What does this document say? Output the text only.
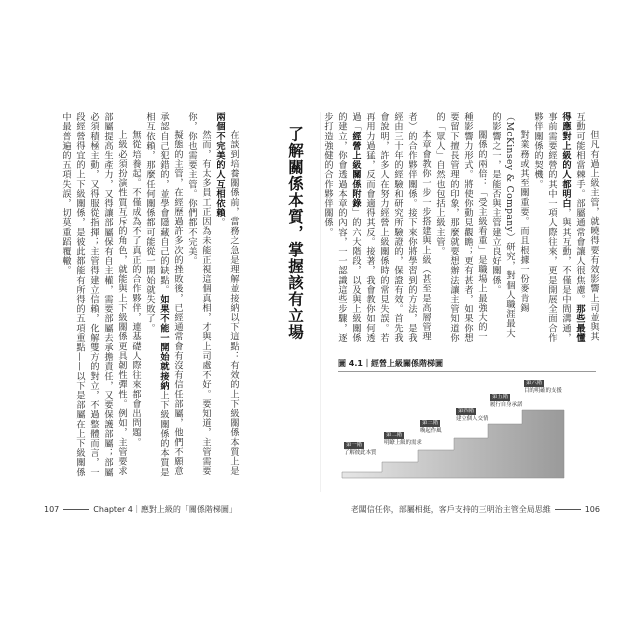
了解關係本質，掌握該有立場

在談到培養關係前，當務之急是理解並接納以下這點：有效的上下級關係本質上是兩個不完美的人互相依賴。

然而，有太多員工正因為未能正視這個真相，才與上司處不好。要知道，主管需要你，你也需要主管。你們都不完美。

擬態的主管，在經歷過許多次的挫敗後，已經通常會有沒有信任部屬，他們不願意承認自己犯錯的，並學會隱藏自己的缺點。如果不能一開始就接納上下級關係的本質是相互依賴，那麼任何關係都可能從一開始就失敗了。

無從培養起。不僅成為不了真正的合作夥伴，連基礎人際往來都會出問題。

上級必須扮演性質互斥的角色，就能與上下級關係更具韌性彈性。例如，主管要求部屬提高生產力，又得讓部屬保有自主權，需要部屬去承擔責任，又要保護部屬；部屬必須積極主動，又得服從指揮；主管得建立信賴，化解雙方的對立，不過整體而言，一段經營得宜的上下級關係，是彼此都能有所得的五項重點——以下是部屬在上下級關係中最普遍的五項失誤，切莫重蹈覆轍。

107	Chapter 4｜應對上級的「關係階梯圖」

但凡有過上級主管，就曉得要有效影響上司並與其互動可能相當棘手。部屬通常會讓人很焦慮。那些最懂得應對上級的人都明白，與其互動，不僅是中間溝通，事前需要經營的其中一項人際往來，更是開展全面合作夥伴關係的契機。

對業務或其至關重要。而且根據一份麥肯錫（McKinsey & Company）研究，對個人職涯最大的影響之一，是能否與主管建立良好關係。

關係的兩倍：「受主級看重」是職場上最強大的一種影響力形式。將使你動見觀瞻；更有甚者，如果你想要留下擅長管理的印象，那麼就要想辦法讓主管知道你的「眾人」自然也包括上級主管。

本章會教你一步一步搭建與上級（甚至是高層管理者）的合作夥伴關係。接下來你將學習到的方法，是我經由三十年的經驗和研究所驗證的，保證有效。首先我會說明，許多人在努力經營上級關係時的常見失誤。若再用力過猛，反而會適得其反。接著，我會教你如何透過「經營上級關係附錄」的六大階段，以及與上級關係的建立，你會透過本章的內容，一一認識這些步驟，逐步打造強健的合作夥伴關係。

圖 4.1｜經營上級關係階梯圖
第一階
了解彼此本質
第二階
明瞭上級的需求
第三階
喚起作風
第四階
建立個人交情
第五階
履行自身承諾
第六階
目的明確的支援
老闆信任你，部屬相挺，客戶支持的三明治主管全局思維	106
